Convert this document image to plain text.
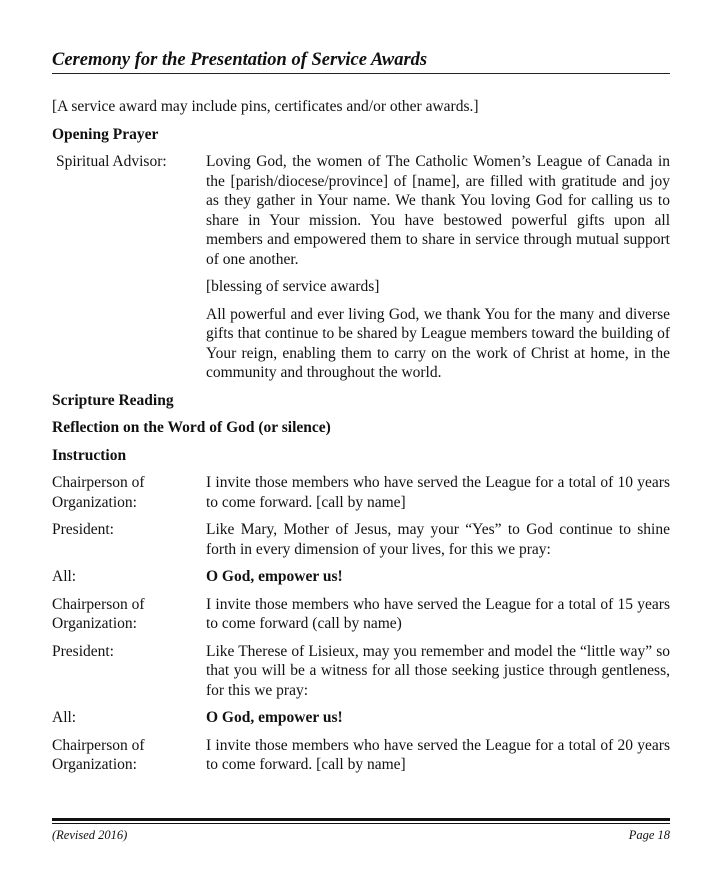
Ceremony for the Presentation of Service Awards

[A service award may include pins, certificates and/or other awards.]

Opening Prayer

Spiritual Advisor:	Loving God, the women of The Catholic Women’s League of Canada in the [parish/diocese/province] of [name], are filled with gratitude and joy as they gather in Your name. We thank You loving God for calling us to share in Your mission. You have bestowed powerful gifts upon all members and empowered them to share in service through mutual support of one another.
[blessing of service awards]
All powerful and ever living God, we thank You for the many and diverse gifts that continue to be shared by League members toward the building of Your reign, enabling them to carry on the work of Christ at home, in the community and throughout the world.

Scripture Reading

Reflection on the Word of God (or silence)

Instruction

Chairperson of Organization:
I invite those members who have served the League for a total of 10 years to come forward. [call by name]
President:	Like Mary, Mother of Jesus, may your “Yes” to God continue to shine forth in every dimension of your lives, for this we pray:
All:	O God, empower us!
Chairperson of Organization:
I invite those members who have served the League for a total of 15 years to come forward (call by name)
President:	Like Therese of Lisieux, may you remember and model the “little way” so that you will be a witness for all those seeking justice through gentleness, for this we pray:
All:	O God, empower us!
Chairperson of Organization:
I invite those members who have served the League for a total of 20 years to come forward. [call by name]
(Revised 2016)	Page 18
